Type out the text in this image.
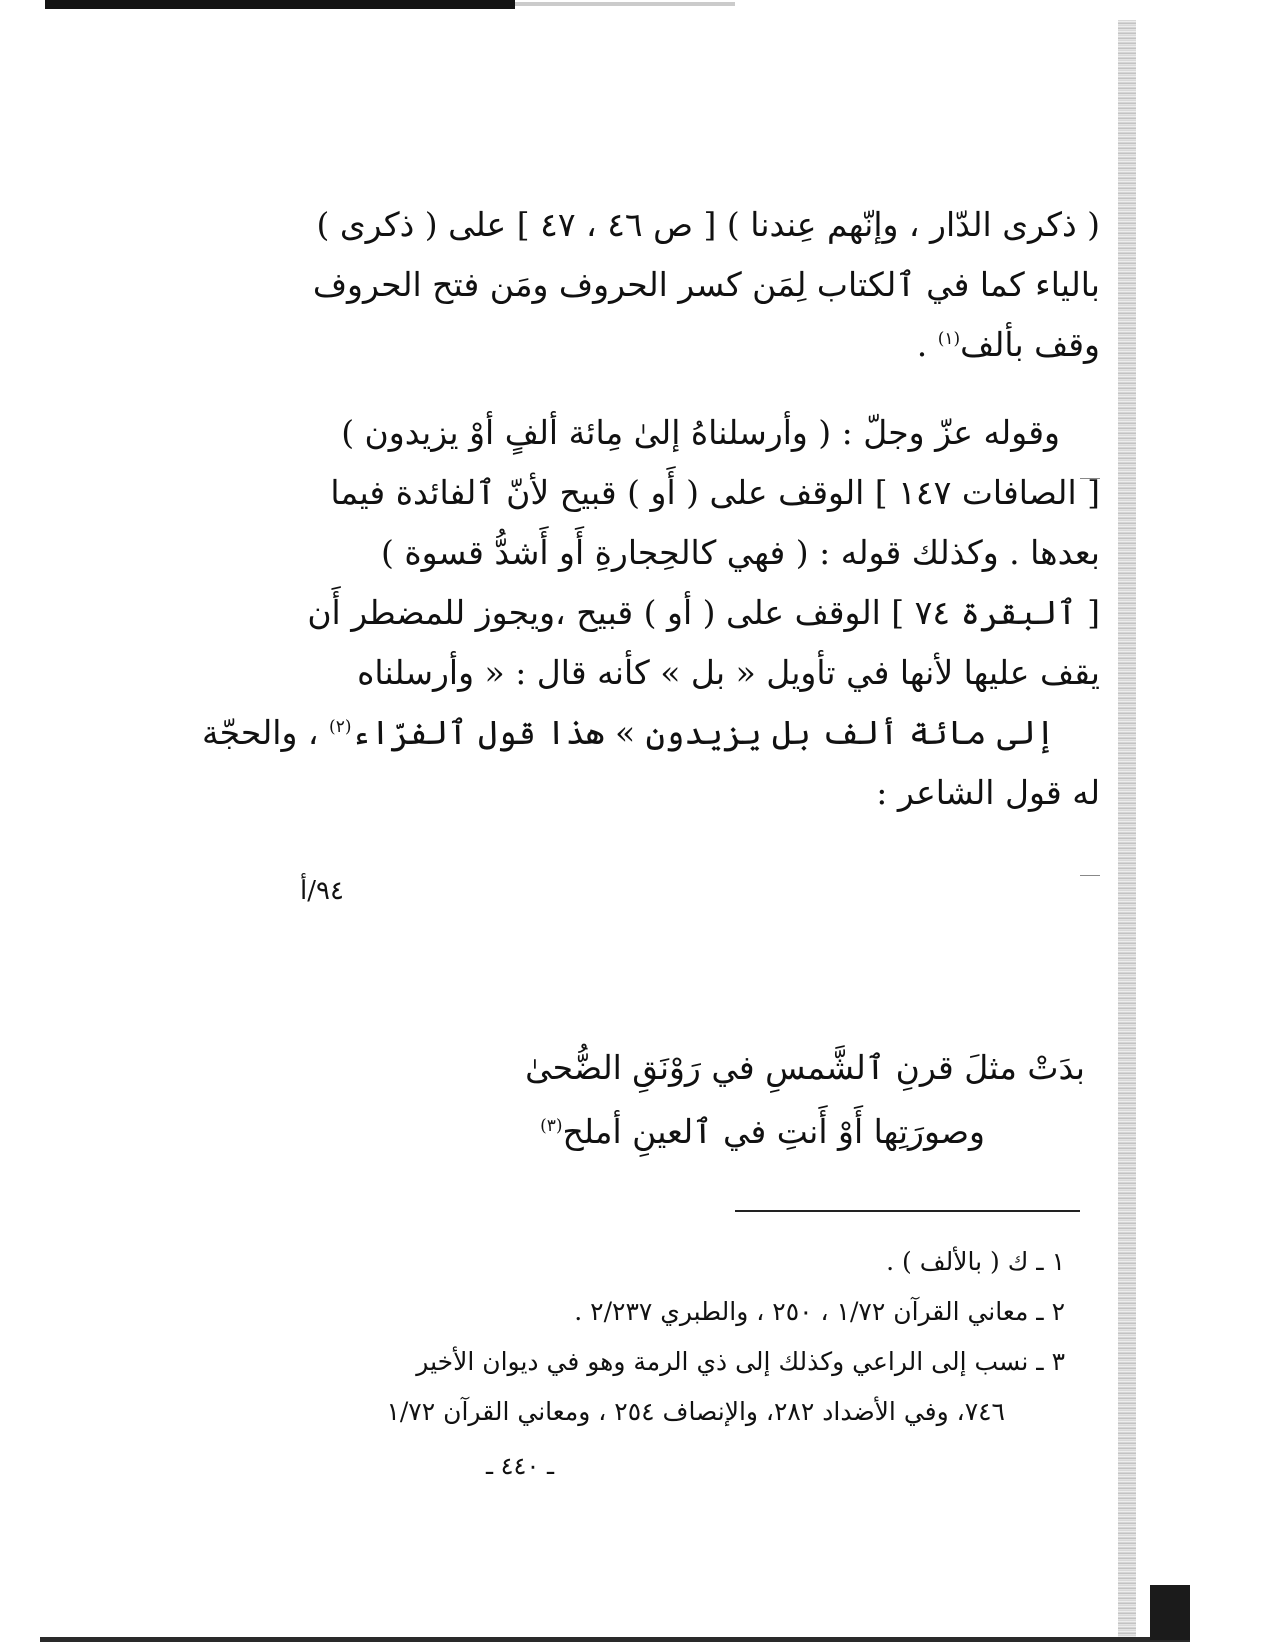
( ذكرى الدّار ، وإنّهم عِندنا ) [ ص ٤٦ ، ٤٧ ] على ( ذكرى )
بالياء كما في ٱلكتاب لِمَن كسر الحروف ومَن فتح الحروف
وقف بألف$^{(١)}$ .
وقوله عزّ وجلّ : ( وأرسلناهُ إلىٰ مِائة ألفٍ أوْ يزيدون )
[ الصافات ١٤٧ ] الوقف على ( أَو ) قبيح لأنّ ٱلفائدة فيما
بعدها . وكذلك قوله : ( فهي كالحِجارةِ أَو أَشدُّ قسوة )
[ ٱلبقرة ٧٤ ] الوقف على ( أو ) قبيح ،ويجوز للمضطر أَن
يقف عليها لأنها في تأويل « بل » كأنه قال : « وأرسلناه
إلى مائة ألف بل يزيدون » هذا قول ٱلفرّاء$^{(٢)}$ ، والحجّة
له قول الشاعر :
٩٤/أ
بدَتْ مثلَ قرنِ ٱلشَّمسِ في رَوْنَقِ الضُّحىٰ
وصورَتِها أَوْ أَنتِ في ٱلعينِ أملح$^{(٣)}$
١ ـ ك ( بالألف ) .
٢ ـ معاني القرآن ١/٧٢ ، ٢٥٠ ، والطبري ٢/٢٣٧ .
٣ ـ نسب إلى الراعي وكذلك إلى ذي الرمة وهو في ديوان الأخير
٧٤٦، وفي الأضداد ٢٨٢، والإنصاف ٢٥٤ ، ومعاني القرآن ١/٧٢
ـ ٤٤٠ ـ
